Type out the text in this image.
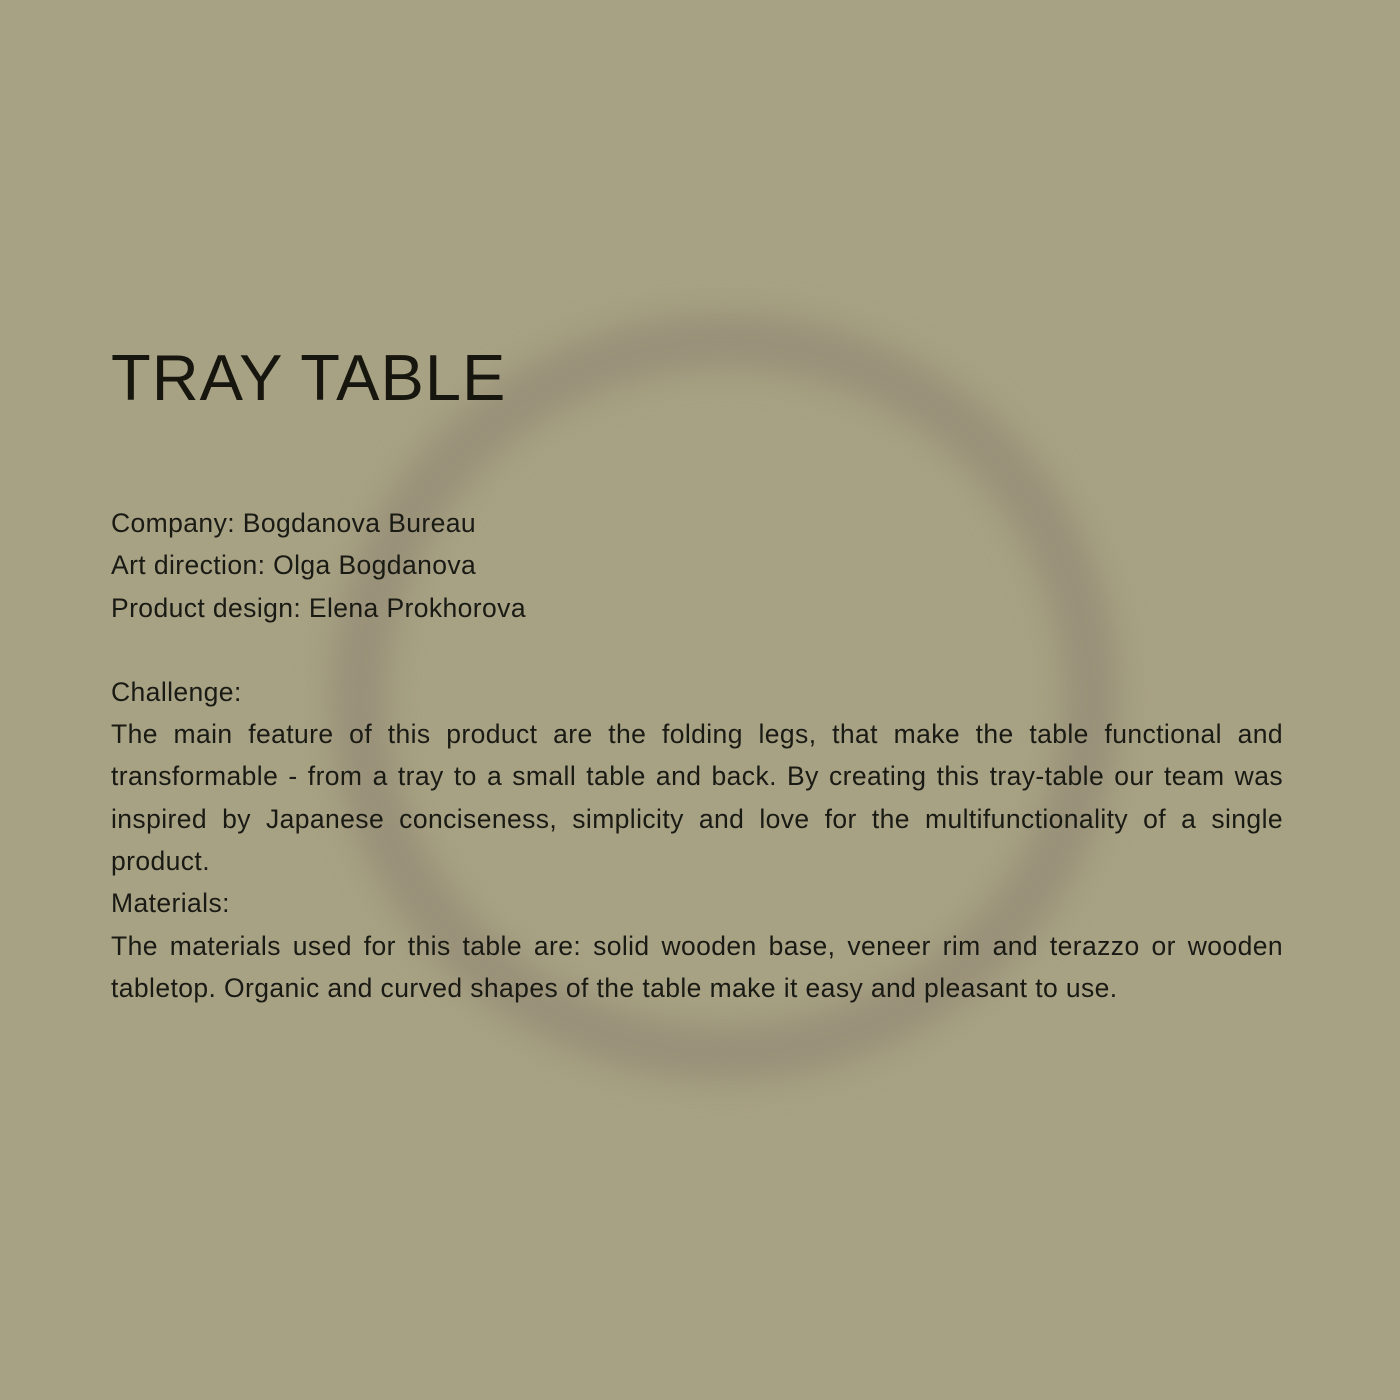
TRAY TABLE
Company: Bogdanova Bureau
Art direction: Olga Bogdanova
Product design: Elena Prokhorova
Challenge:

The main feature of this product are the folding legs, that make the table functional and transformable - from a tray to a small table and back. By creating this tray-table our team was inspired by Japanese conciseness, simplicity and love for the multifunctionality of a single product.

Materials:

The materials used for this table are: solid wooden base, veneer rim and terazzo or wooden tabletop. Organic and curved shapes of the table make it easy and pleasant to use.
